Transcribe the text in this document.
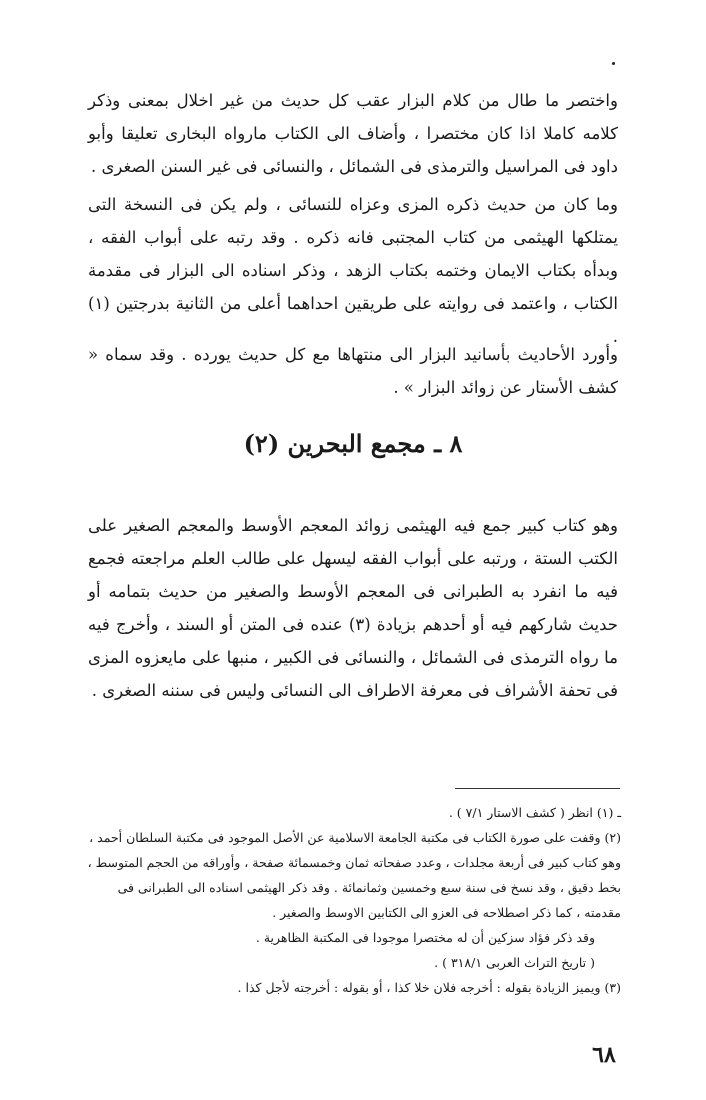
واختصر ما طال من كلام البزار عقب كل حديث من غير اخلال بمعنى وذكر كلامه كاملا اذا كان مختصرا ، وأضاف الى الكتاب مارواه البخارى تعليقا وأبو داود فى المراسيل والترمذى فى الشمائل ، والنسائى فى غير السنن الصغرى .

وما كان من حديث ذكره المزى وعزاه للنسائى ، ولم يكن فى النسخة التى يمتلكها الهيثمى من كتاب المجتبى فانه ذكره . وقد رتبه على أبواب الفقه ، وبدأه بكتاب الايمان وختمه بكتاب الزهد ، وذكر اسناده الى البزار فى مقدمة الكتاب ، واعتمد فى روايته على طريقين احداهما أعلى من الثانية بدرجتين (١) .

وأورد الأحاديث بأسانيد البزار الى منتهاها مع كل حديث يورده . وقد سماه « كشف الأستار عن زوائد البزار » .

٨ ـ مجمع البحرين (٢)

وهو كتاب كبير جمع فيه الهيثمى زوائد المعجم الأوسط والمعجم الصغير على الكتب الستة ، ورتبه على أبواب الفقه ليسهل على طالب العلم مراجعته فجمع فيه ما انفرد به الطبرانى فى المعجم الأوسط والصغير من حديث بتمامه أو حديث شاركهم فيه أو أحدهم بزيادة (٣) عنده فى المتن أو السند ، وأخرج فيه ما رواه الترمذى فى الشمائل ، والنسائى فى الكبير ، منبها على مايعزوه المزى فى تحفة الأشراف فى معرفة الاطراف الى النسائى وليس فى سننه الصغرى .

ـ (١) انظر ( كشف الاستار ٧/١ ) .
(٢) وقفت على صورة الكتاب فى مكتبة الجامعة الاسلامية عن الأصل الموجود فى مكتبة السلطان أحمد ، وهو كتاب كبير فى أربعة مجلدات ، وعدد صفحاته ثمان وخمسمائة صفحة ، وأوراقه من الحجم المتوسط ، بخط دقيق ، وقد نسخ فى سنة سبع وخمسين وثمانمائة . وقد ذكر الهيثمى اسناده الى الطبرانى فى مقدمته ، كما ذكر اصطلاحه فى العزو الى الكتابين الاوسط والصغير .
وقد ذكر فؤاد سزكين أن له مختصرا موجودا فى المكتبة الظاهرية .
( تاريخ التراث العربى ٣١٨/١ ) .
(٣) ويميز الزيادة بقوله : أخرجه فلان خلا كذا ، أو بقوله : أخرجته لأجل كذا .
٦٨
